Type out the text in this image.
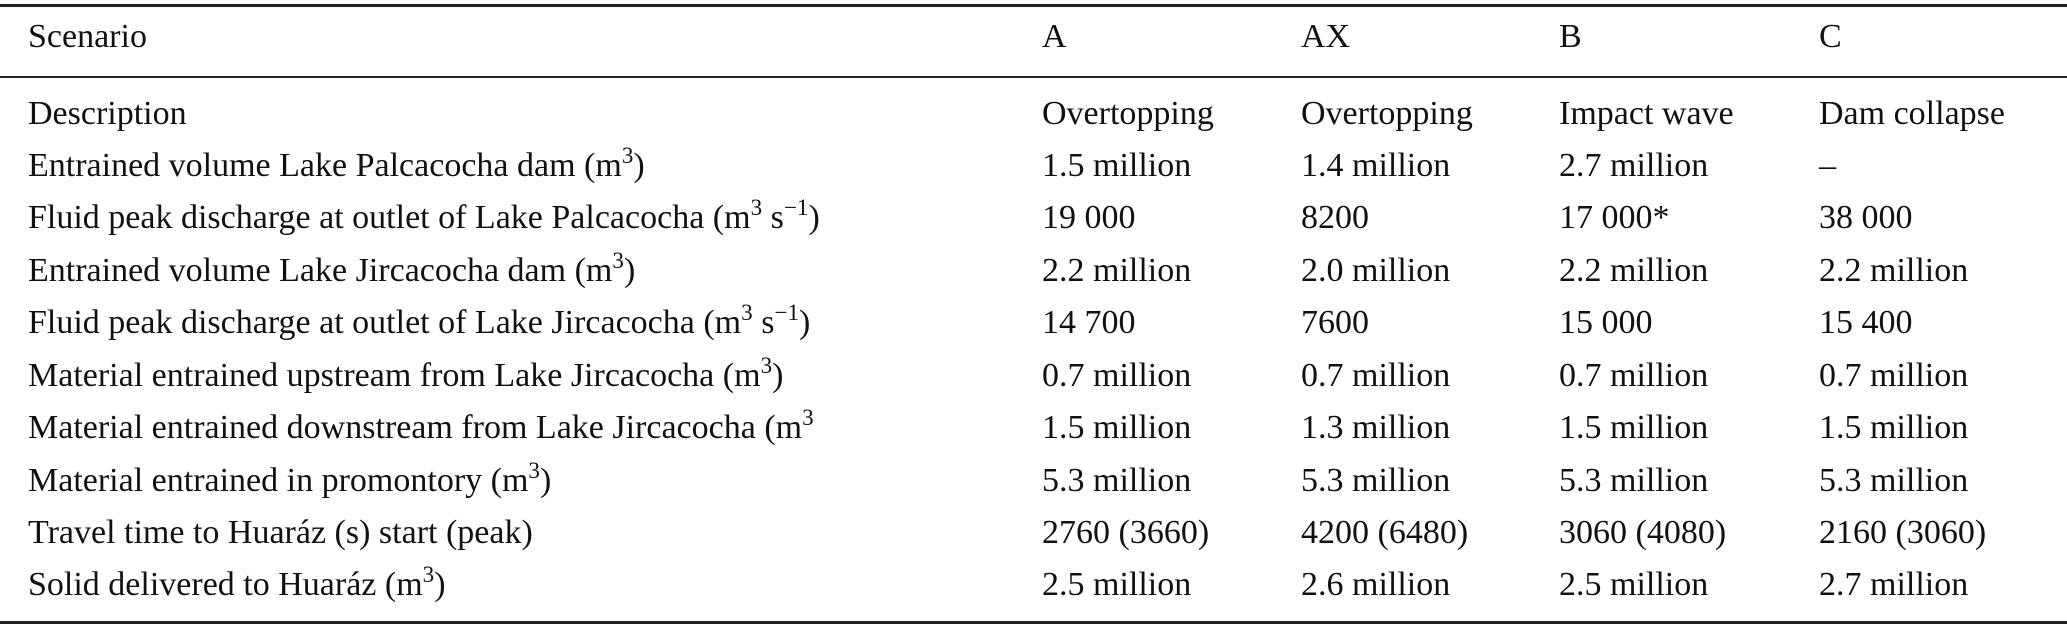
Scenario	A	AX	B	C
Description	Overtopping	Overtopping	Impact wave	Dam collapse
Entrained volume Lake Palcacocha dam $(m^3)$	1.5 million	1.4 million	2.7 million	–
Fluid peak discharge at outlet of Lake Palcacocha ($m^3$ $s^{-1}$)	19 000	8200	17 000*	38 000
Entrained volume Lake Jircacocha dam $(m^3)$	2.2 million	2.0 million	2.2 million	2.2 million
Fluid peak discharge at outlet of Lake Jircacocha ($m^3$ $s^{-1}$)	14 700	7600	15 000	15 400
Material entrained upstream from Lake Jircacocha $(m^3)$	0.7 million	0.7 million	0.7 million	0.7 million
Material entrained downstream from Lake Jircacocha ($m^3$	1.5 million	1.3 million	1.5 million	1.5 million
Material entrained in promontory $(m^3)$	5.3 million	5.3 million	5.3 million	5.3 million
Travel time to Huaráz (s) start (peak)	2760 (3660)	4200 (6480)	3060 (4080)	2160 (3060)
Solid delivered to Huaráz $(m^3)$	2.5 million	2.6 million	2.5 million	2.7 million
